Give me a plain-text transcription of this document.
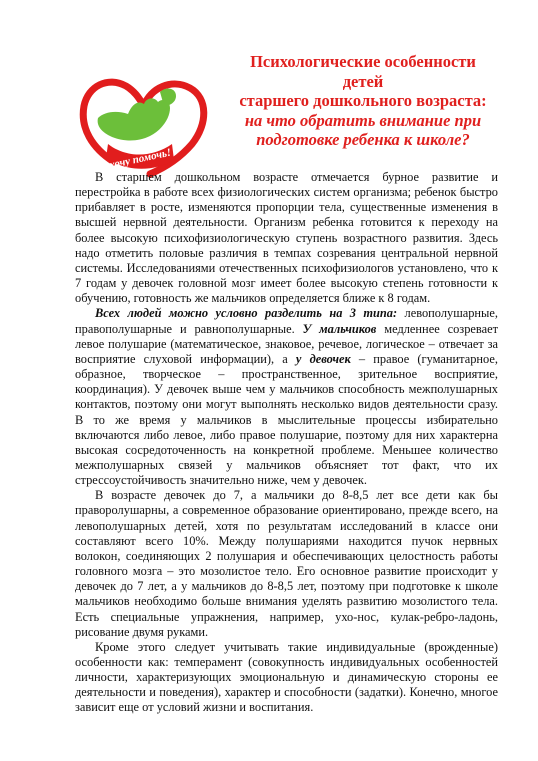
хочу помочь!
Психологические особенности
детей
старшего дошкольного возраста:
на что обратить внимание при
подготовке ребенка к школе?

В старшем дошкольном возрасте отмечается бурное развитие и перестройка в работе всех физиологических систем организма; ребенок быстро прибавляет в росте, изменяются пропорции тела, существенные изменения в высшей нервной деятельности. Организм ребенка готовится к переходу на более высокую психофизиологическую ступень возрастного развития. Здесь надо отметить половые различия в темпах созревания центральной нервной системы. Исследованиями отечественных психофизиологов установлено, что к 7 годам у девочек головной мозг имеет более высокую степень готовности к обучению, готовность же мальчиков определяется ближе к 8 годам.

Всех людей можно условно разделить на 3 типа: левополушарные, правополушарные и равнополушарные. У мальчиков медленнее созревает левое полушарие (математическое, знаковое, речевое, логическое – отвечает за восприятие слуховой информации), а у девочек – правое (гуманитарное, образное, творческое – пространственное, зрительное восприятие, координация). У девочек выше чем у мальчиков способность межполушарных контактов, поэтому они могут выполнять несколько видов деятельности сразу. В то же время у мальчиков в мыслительные процессы избирательно включаются либо левое, либо правое полушарие, поэтому для них характерна высокая сосредоточенность на конкретной проблеме. Меньшее количество межполушарных связей у мальчиков объясняет тот факт, что их стрессоустойчивость значительно ниже, чем у девочек.

В возрасте девочек до 7, а мальчики до 8-8,5 лет все дети как бы праворолушарны, а современное образование ориентировано, прежде всего, на левополушарных детей, хотя по результатам исследований в классе они составляют всего 10%. Между полушариями находится пучок нервных волокон, соединяющих 2 полушария и обеспечивающих целостность работы головного мозга – это мозолистое тело. Его основное развитие происходит у девочек до 7 лет, а у мальчиков до 8-8,5 лет, поэтому при подготовке к школе мальчиков необходимо больше внимания уделять развитию мозолистого тела. Есть специальные упражнения, например, ухо-нос, кулак-ребро-ладонь, рисование двумя руками.

Кроме этого следует учитывать такие индивидуальные (врожденные) особенности как: темперамент (совокупность индивидуальных особенностей личности, характеризующих эмоциональную и динамическую стороны ее деятельности и поведения), характер и способности (задатки). Конечно, многое зависит еще от условий жизни и воспитания.
